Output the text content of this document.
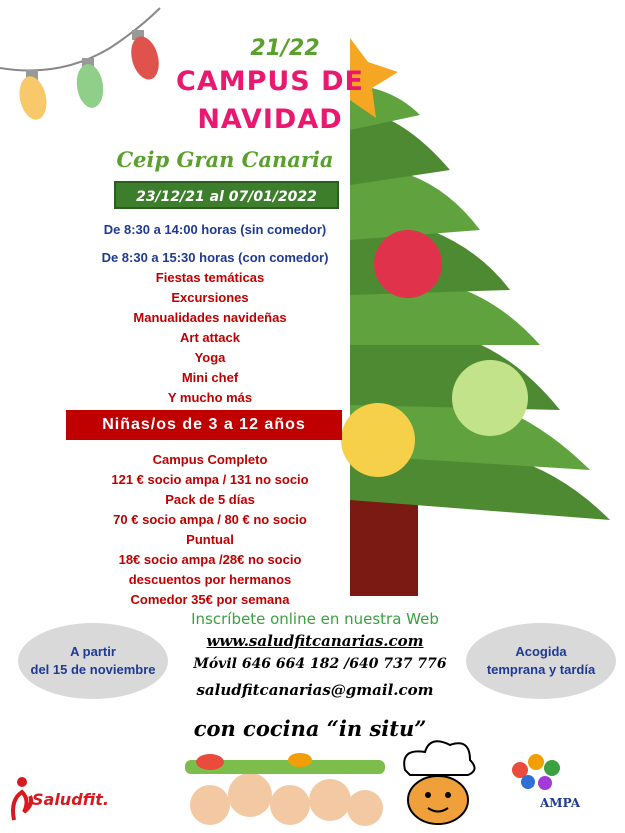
21/22
CAMPUS DE
NAVIDAD
Ceip Gran Canaria
23/12/21 al 07/01/2022
De 8:30 a 14:00 horas (sin comedor)
De 8:30 a 15:30 horas (con comedor)
Fiestas temáticas
Excursiones
Manualidades navideñas
Art attack
Yoga
Mini chef
Y mucho más
Niñas/os de 3 a 12 años
Campus Completo
121 € socio ampa / 131 no socio
Pack de 5 días
70 € socio ampa / 80 € no socio
Puntual
18€ socio ampa /28€ no socio
descuentos por hermanos
Comedor 35€ por semana
Inscríbete online en nuestra Web
www.saludfitcanarias.com
Móvil 646 664 182 /640 737 776
saludfitcanarias@gmail.com
A partir
del 15 de noviembre
Acogida
temprana y tardía
con cocina “in situ”
Saludfit.	AMPA
